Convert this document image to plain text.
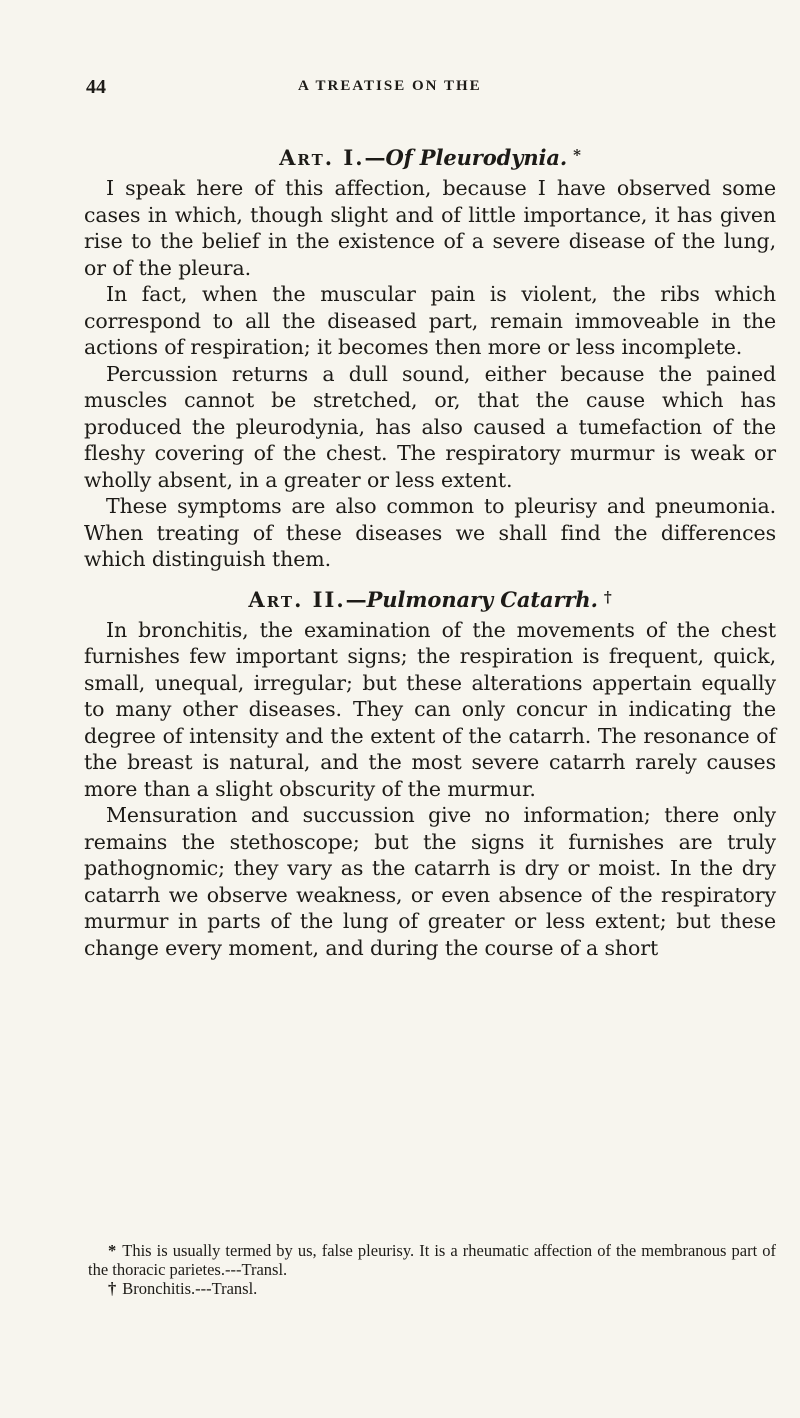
44	A TREATISE ON THE
Art. I.—Of Pleurodynia. *

I speak here of this affection, because I have observed some cases in which, though slight and of little importance, it has given rise to the belief in the existence of a severe disease of the lung, or of the pleura.

In fact, when the muscular pain is violent, the ribs which correspond to all the diseased part, remain immoveable in the actions of respiration; it becomes then more or less incomplete.

Percussion returns a dull sound, either because the pained muscles cannot be stretched, or, that the cause which has produced the pleurodynia, has also caused a tumefaction of the fleshy covering of the chest. The respiratory murmur is weak or wholly absent, in a greater or less extent.

These symptoms are also common to pleurisy and pneumonia. When treating of these diseases we shall find the differences which distinguish them.

Art. II.—Pulmonary Catarrh. †

In bronchitis, the examination of the movements of the chest furnishes few important signs; the respiration is frequent, quick, small, unequal, irregular; but these alterations appertain equally to many other diseases. They can only concur in indicating the degree of intensity and the extent of the catarrh. The resonance of the breast is natural, and the most severe catarrh rarely causes more than a slight obscurity of the murmur.

Mensuration and succussion give no information; there only remains the stethoscope; but the signs it furnishes are truly pathognomic; they vary as the catarrh is dry or moist. In the dry catarrh we observe weakness, or even absence of the respiratory murmur in parts of the lung of greater or less extent; but these change every moment, and during the course of a short

* This is usually termed by us, false pleurisy. It is a rheumatic affection of the membranous part of the thoracic parietes.---Transl.

† Bronchitis.---Transl.
